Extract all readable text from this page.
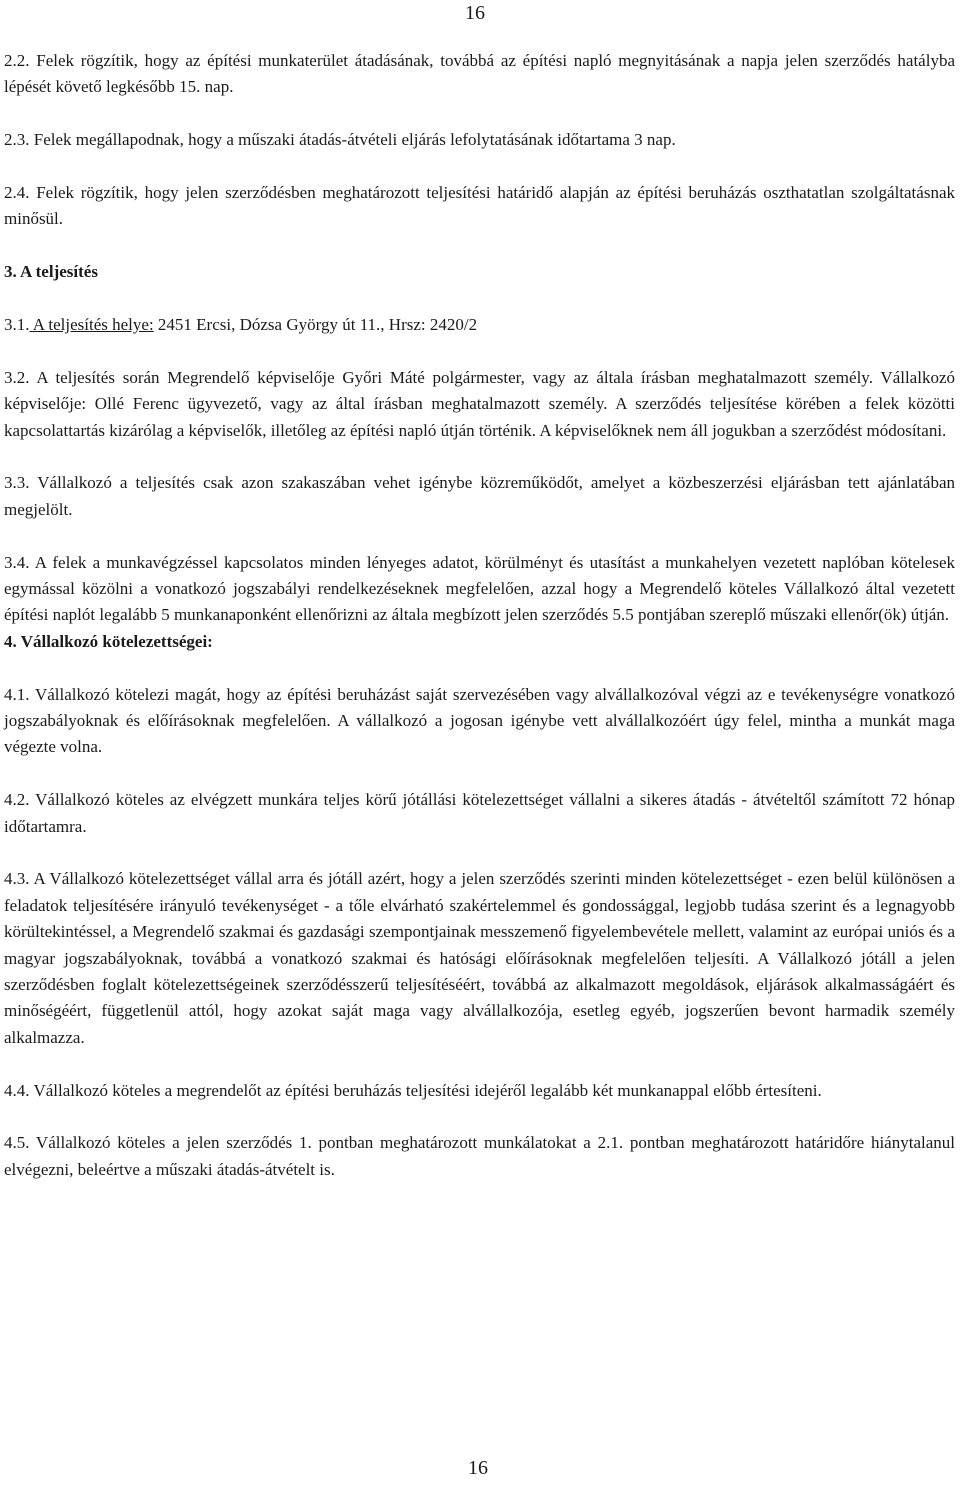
16

2.2. Felek rögzítik, hogy az építési munkaterület átadásának, továbbá az építési napló megnyitásának a napja jelen szerződés hatályba lépését követő legkésőbb 15. nap.

2.3. Felek megállapodnak, hogy a műszaki átadás-átvételi eljárás lefolytatásának időtartama 3 nap.

2.4. Felek rögzítik, hogy jelen szerződésben meghatározott teljesítési határidő alapján az építési beruházás oszthatatlan szolgáltatásnak minősül.

3. A teljesítés

3.1. A teljesítés helye: 2451 Ercsi, Dózsa György út 11., Hrsz: 2420/2

3.2. A teljesítés során Megrendelő képviselője Győri Máté polgármester, vagy az általa írásban meghatalmazott személy. Vállalkozó képviselője: Ollé Ferenc ügyvezető, vagy az által írásban meghatalmazott személy. A szerződés teljesítése körében a felek közötti kapcsolattartás kizárólag a képviselők, illetőleg az építési napló útján történik. A képviselőknek nem áll jogukban a szerződést módosítani.

3.3. Vállalkozó a teljesítés csak azon szakaszában vehet igénybe közreműködőt, amelyet a közbeszerzési eljárásban tett ajánlatában megjelölt.

3.4. A felek a munkavégzéssel kapcsolatos minden lényeges adatot, körülményt és utasítást a munkahelyen vezetett naplóban kötelesek egymással közölni a vonatkozó jogszabályi rendelkezéseknek megfelelően, azzal hogy a Megrendelő köteles Vállalkozó által vezetett építési naplót legalább 5 munkanaponként ellenőrizni az általa megbízott jelen szerződés 5.5 pontjában szereplő műszaki ellenőr(ök) útján.

4. Vállalkozó kötelezettségei:

4.1. Vállalkozó kötelezi magát, hogy az építési beruházást saját szervezésében vagy alvállalkozóval végzi az e tevékenységre vonatkozó jogszabályoknak és előírásoknak megfelelően. A vállalkozó a jogosan igénybe vett alvállalkozóért úgy felel, mintha a munkát maga végezte volna.

4.2. Vállalkozó köteles az elvégzett munkára teljes körű jótállási kötelezettséget vállalni a sikeres átadás - átvételtől számított 72 hónap időtartamra.

4.3. A Vállalkozó kötelezettséget vállal arra és jótáll azért, hogy a jelen szerződés szerinti minden kötelezettséget - ezen belül különösen a feladatok teljesítésére irányuló tevékenységet - a tőle elvárható szakértelemmel és gondossággal, legjobb tudása szerint és a legnagyobb körültekintéssel, a Megrendelő szakmai és gazdasági szempontjainak messzemenő figyelembevétele mellett, valamint az európai uniós és a magyar jogszabályoknak, továbbá a vonatkozó szakmai és hatósági előírásoknak megfelelően teljesíti. A Vállalkozó jótáll a jelen szerződésben foglalt kötelezettségeinek szerződésszerű teljesítéséért, továbbá az alkalmazott megoldások, eljárások alkalmasságáért és minőségéért, függetlenül attól, hogy azokat saját maga vagy alvállalkozója, esetleg egyéb, jogszerűen bevont harmadik személy alkalmazza.

4.4. Vállalkozó köteles a megrendelőt az építési beruházás teljesítési idejéről legalább két munkanappal előbb értesíteni.

4.5. Vállalkozó köteles a jelen szerződés 1. pontban meghatározott munkálatokat a 2.1. pontban meghatározott határidőre hiánytalanul elvégezni, beleértve a műszaki átadás-átvételt is.

16
